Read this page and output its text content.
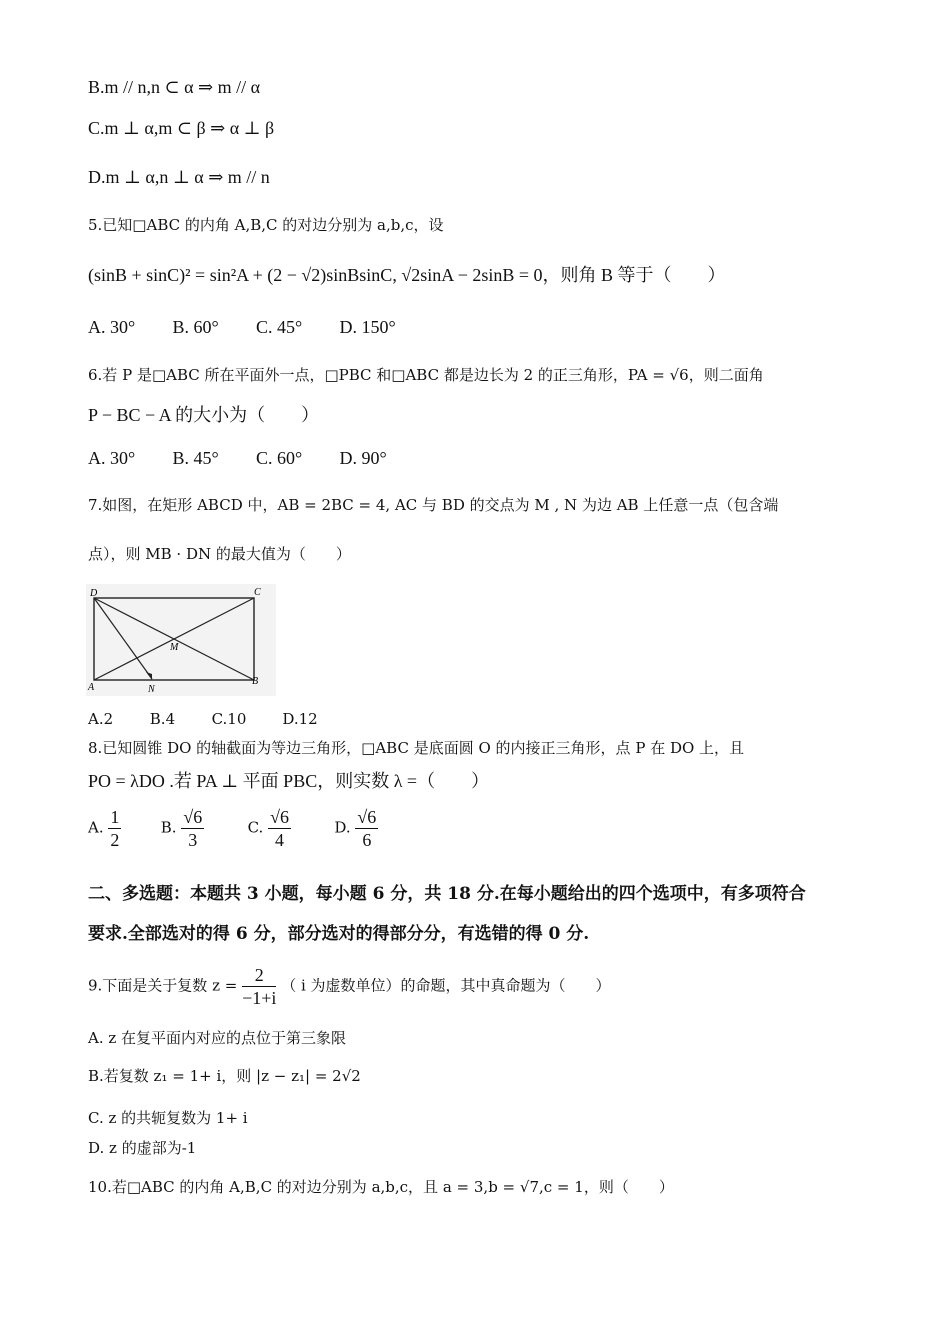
B.m // n,n ⊂ α ⇒ m // α
C.m ⊥ α,m ⊂ β ⇒ α ⊥ β
D.m ⊥ α,n ⊥ α ⇒ m // n
5.已知□ABC 的内角 A,B,C 的对边分别为 a,b,c，设
(sinB + sinC)² = sin²A + (2 − √2)sinBsinC, √2sinA − 2sinB = 0，则角 B 等于（　　）
A. 30° B. 60° C. 45° D. 150°
6.若 P 是□ABC 所在平面外一点，□PBC 和□ABC 都是边长为 2 的正三角形，PA = √6，则二面角
P − BC − A 的大小为（　　）
A. 30° B. 45° C. 60° D. 90°
7.如图，在矩形 ABCD 中，AB = 2BC = 4, AC 与 BD 的交点为 M , N 为边 AB 上任意一点（包含端
点），则 MB · DN 的最大值为（　　）
D	C
M
A	N
B
A.2 B.4 C.10 D.12
8.已知圆锥 DO 的轴截面为等边三角形，□ABC 是底面圆 O 的内接正三角形，点 P 在 DO 上，且
PO = λDO .若 PA ⊥ 平面 PBC，则实数 λ =（　　）
A. $\frac{1}{2}$	B. $\frac{√6}{3}$	C. $\frac{√6}{4}$	D. $\frac{√6}{6}$
二、多选题：本题共 3 小题，每小题 6 分，共 18 分.在每小题给出的四个选项中，有多项符合
要求.全部选对的得 6 分，部分选对的得部分分，有选错的得 0 分.
9.下面是关于复数 $z = \frac{2}{-1+i}$ （ i 为虚数单位）的命题，其中真命题为（　　）
A. z 在复平面内对应的点位于第三象限
B.若复数 z₁ = 1+ i，则 |z − z₁| = 2√2
C. z 的共轭复数为 1+ i
D. z 的虚部为-1
10.若□ABC 的内角 A,B,C 的对边分别为 a,b,c，且 a = 3,b = √7,c = 1，则（　　）
